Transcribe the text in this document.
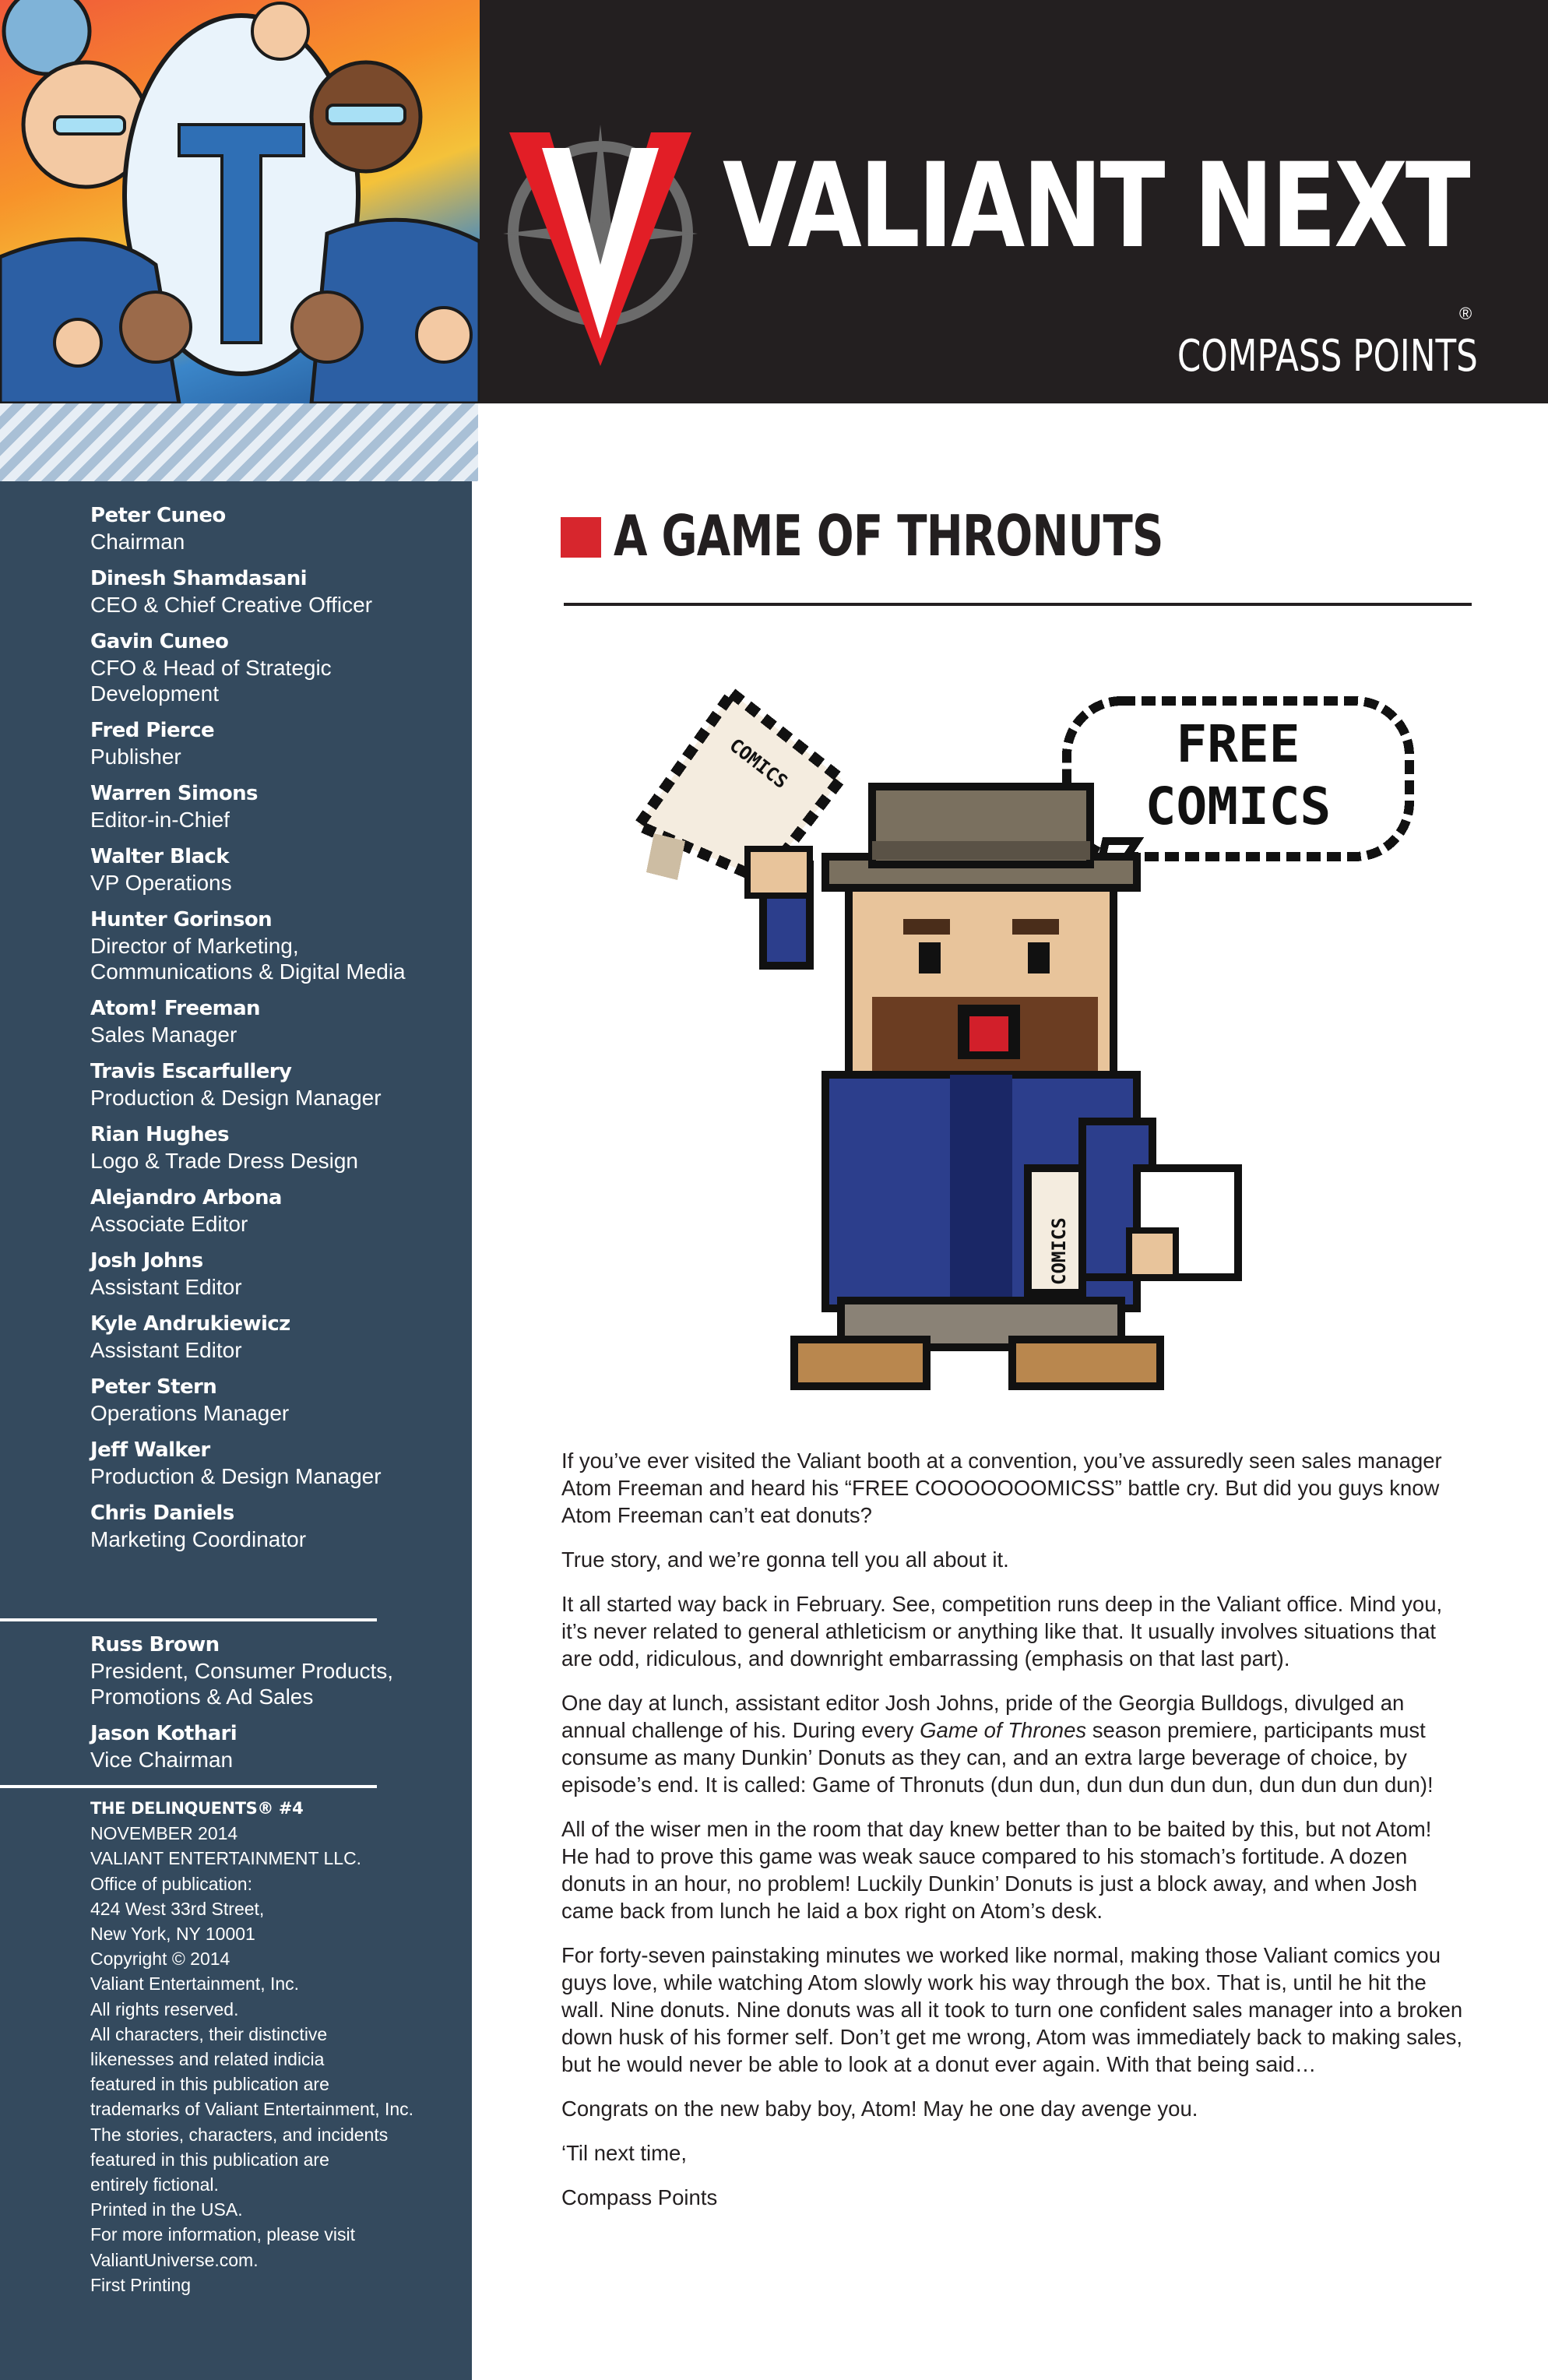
VALIANT NEXT
®
COMPASS POINTS
Peter Cuneo
Chairman
Dinesh Shamdasani
CEO & Chief Creative Officer
Gavin Cuneo
CFO & Head of Strategic
Development
Fred Pierce
Publisher
Warren Simons
Editor-in-Chief
Walter Black
VP Operations
Hunter Gorinson
Director of Marketing,
Communications & Digital Media
Atom! Freeman
Sales Manager
Travis Escarfullery
Production & Design Manager
Rian Hughes
Logo & Trade Dress Design
Alejandro Arbona
Associate Editor
Josh Johns
Assistant Editor
Kyle Andrukiewicz
Assistant Editor
Peter Stern
Operations Manager
Jeff Walker
Production & Design Manager
Chris Daniels
Marketing Coordinator
Russ Brown
President, Consumer Products,
Promotions & Ad Sales
Jason Kothari
Vice Chairman
THE DELINQUENTS® #4
NOVEMBER 2014
VALIANT ENTERTAINMENT LLC.
Office of publication:
424 West 33rd Street,
New York, NY 10001
Copyright © 2014
Valiant Entertainment, Inc.
All rights reserved.
All characters, their distinctive
likenesses and related indicia
featured in this publication are
trademarks of Valiant Entertainment, Inc.
The stories, characters, and incidents
featured in this publication are
entirely fictional.
Printed in the USA.
For more information, please visit
ValiantUniverse.com.
First Printing
A GAME OF THRONUTS
COMICS	FREE
COMICS
COMICS

If you’ve ever visited the Valiant booth at a convention, you’ve assuredly seen sales manager Atom Freeman and heard his “FREE COOOOOOOMICSS” battle cry. But did you guys know Atom Freeman can’t eat donuts?

True story, and we’re gonna tell you all about it.

It all started way back in February. See, competition runs deep in the Valiant office. Mind you, it’s never related to general athleticism or anything like that. It usually involves situations that are odd, ridiculous, and downright embarrassing (emphasis on that last part).

One day at lunch, assistant editor Josh Johns, pride of the Georgia Bulldogs, divulged an annual challenge of his. During every Game of Thrones season premiere, participants must consume as many Dunkin’ Donuts as they can, and an extra large beverage of choice, by episode’s end. It is called: Game of Thronuts (dun dun, dun dun dun dun, dun dun dun dun)!

All of the wiser men in the room that day knew better than to be baited by this, but not Atom! He had to prove this game was weak sauce compared to his stomach’s fortitude. A dozen donuts in an hour, no problem! Luckily Dunkin’ Donuts is just a block away, and when Josh came back from lunch he laid a box right on Atom’s desk.

For forty-seven painstaking minutes we worked like normal, making those Valiant comics you guys love, while watching Atom slowly work his way through the box. That is, until he hit the wall. Nine donuts. Nine donuts was all it took to turn one confident sales manager into a broken down husk of his former self. Don’t get me wrong, Atom was immediately back to making sales, but he would never be able to look at a donut ever again. With that being said…

Congrats on the new baby boy, Atom! May he one day avenge you.

‘Til next time,

Compass Points
